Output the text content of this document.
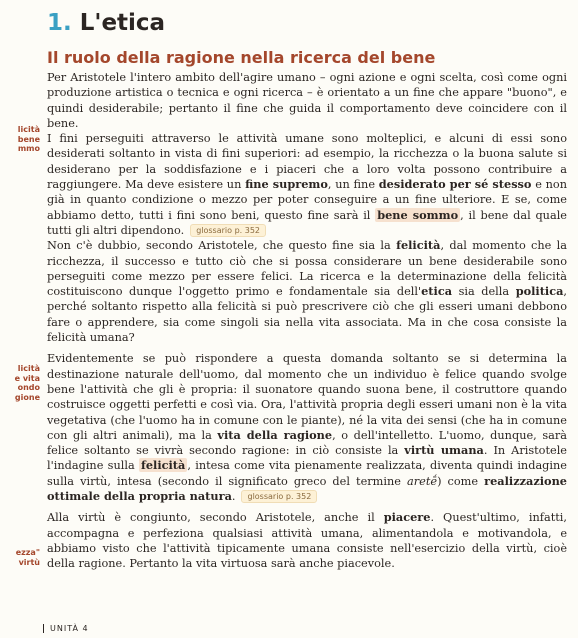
1. L'etica
Il ruolo della ragione nella ricerca del bene
licità
bene
mmo
licità
e vita
ondo
gione
ezza"
virtù

Per Aristotele l'intero ambito dell'agire umano – ogni azione e ogni scelta, così come ogni produzione artistica o tecnica e ogni ricerca – è orientato a un fine che appare "buono", e quindi desiderabile; pertanto il fine che guida il comportamento deve coincidere con il bene.

I fini perseguiti attraverso le attività umane sono molteplici, e alcuni di essi sono desiderati soltanto in vista di fini superiori: ad esempio, la ricchezza o la buona salute si desiderano per la soddisfazione e i piaceri che a loro volta possono contribuire a raggiungere. Ma deve esistere un fine supremo, un fine desiderato per sé stesso e non già in quanto condizione o mezzo per poter conseguire a un fine ulteriore. E se, come abbiamo detto, tutti i fini sono beni, questo fine sarà il bene sommo , il bene dal quale tutti gli altri dipendono. glossario p. 352

Non c'è dubbio, secondo Aristotele, che questo fine sia la felicità, dal momento che la ricchezza, il successo e tutto ciò che si possa considerare un bene desiderabile sono perseguiti come mezzo per essere felici. La ricerca e la determinazione della felicità costituiscono dunque l'oggetto primo e fondamentale sia dell'etica sia della politica, perché soltanto rispetto alla felicità si può prescrivere ciò che gli esseri umani debbono fare o apprendere, sia come singoli sia nella vita associata. Ma in che cosa consiste la felicità umana?

Evidentemente se può rispondere a questa domanda soltanto se si determina la destinazione naturale dell'uomo, dal momento che un individuo è felice quando svolge bene l'attività che gli è propria: il suonatore quando suona bene, il costruttore quando costruisce oggetti perfetti e così via. Ora, l'attività propria degli esseri umani non è la vita vegetativa (che l'uomo ha in comune con le piante), né la vita dei sensi (che ha in comune con gli altri animali), ma la vita della ragione, o dell'intelletto. L'uomo, dunque, sarà felice soltanto se vivrà secondo ragione: in ciò consiste la virtù umana. In Aristotele l'indagine sulla felicità , intesa come vita pienamente realizzata, diventa quindi indagine sulla virtù, intesa (secondo il significato greco del termine aretḗ) come realizzazione ottimale della propria natura. glossario p. 352

Alla virtù è congiunto, secondo Aristotele, anche il piacere. Quest'ultimo, infatti, accompagna e perfeziona qualsiasi attività umana, alimentandola e motivandola, e abbiamo visto che l'attività tipicamente umana consiste nell'esercizio della virtù, cioè della ragione. Pertanto la vita virtuosa sarà anche piacevole.

UNITÀ 4
